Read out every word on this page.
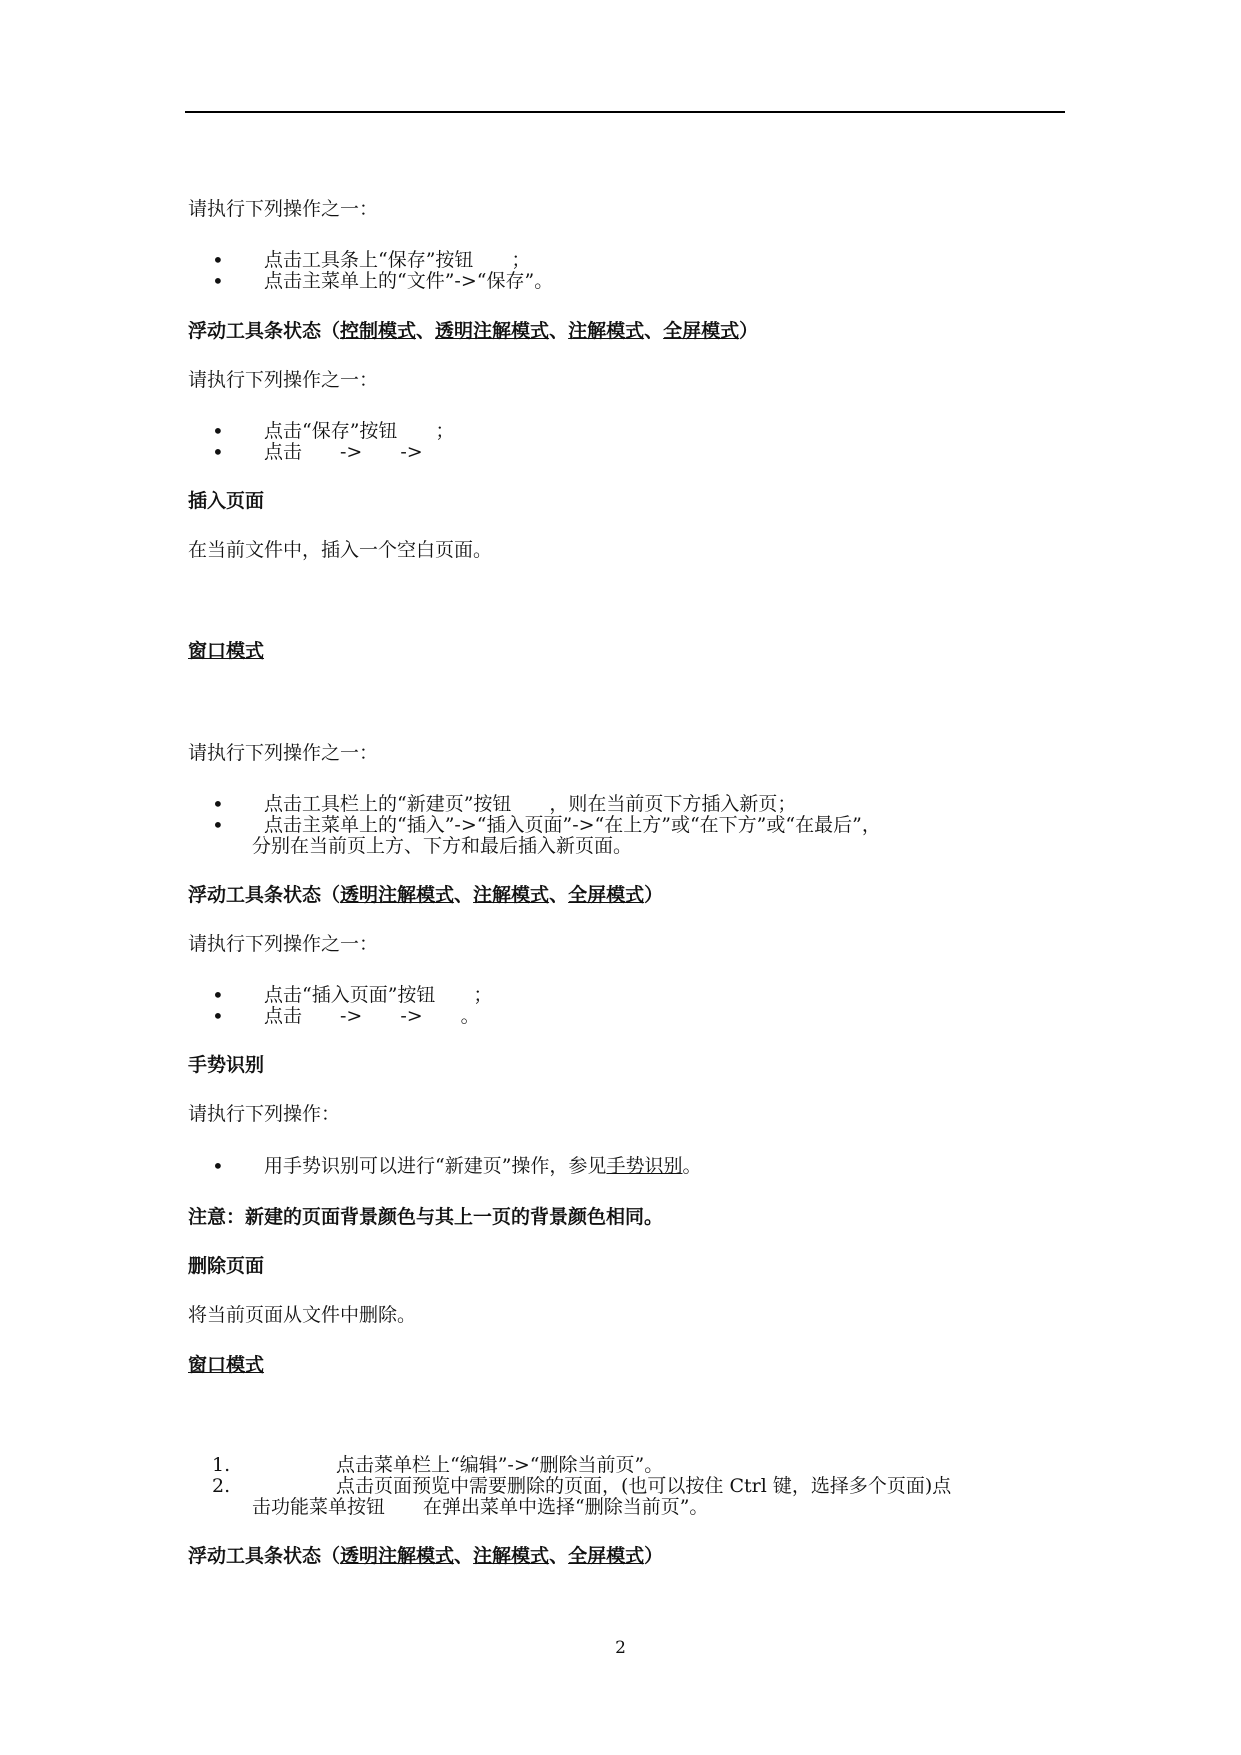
请执行下列操作之一：
• 点击工具条上“保存”按钮　　；
• 点击主菜单上的“文件”->“保存”。
浮动工具条状态（控制模式、透明注解模式、注解模式、全屏模式）
请执行下列操作之一：
• 点击“保存”按钮　　；
• 点击　　->　　->
插入页面
在当前文件中，插入一个空白页面。
窗口模式
请执行下列操作之一：
• 点击工具栏上的“新建页”按钮　　，则在当前页下方插入新页；
• 点击主菜单上的“插入”->“插入页面”->“在上方”或“在下方”或“在最后”，
分别在当前页上方、下方和最后插入新页面。
浮动工具条状态（透明注解模式、注解模式、全屏模式）
请执行下列操作之一：
• 点击“插入页面”按钮　　；
• 点击　　->　　->　　。
手势识别
请执行下列操作：
• 用手势识别可以进行“新建页”操作，参见手势识别。
注意：新建的页面背景颜色与其上一页的背景颜色相同。
删除页面
将当前页面从文件中删除。
窗口模式
1.	点击菜单栏上“编辑”->“删除当前页”。
2.	点击页面预览中需要删除的页面，(也可以按住 Ctrl 键，选择多个页面)点
击功能菜单按钮　　在弹出菜单中选择“删除当前页”。
浮动工具条状态（透明注解模式、注解模式、全屏模式）
2
